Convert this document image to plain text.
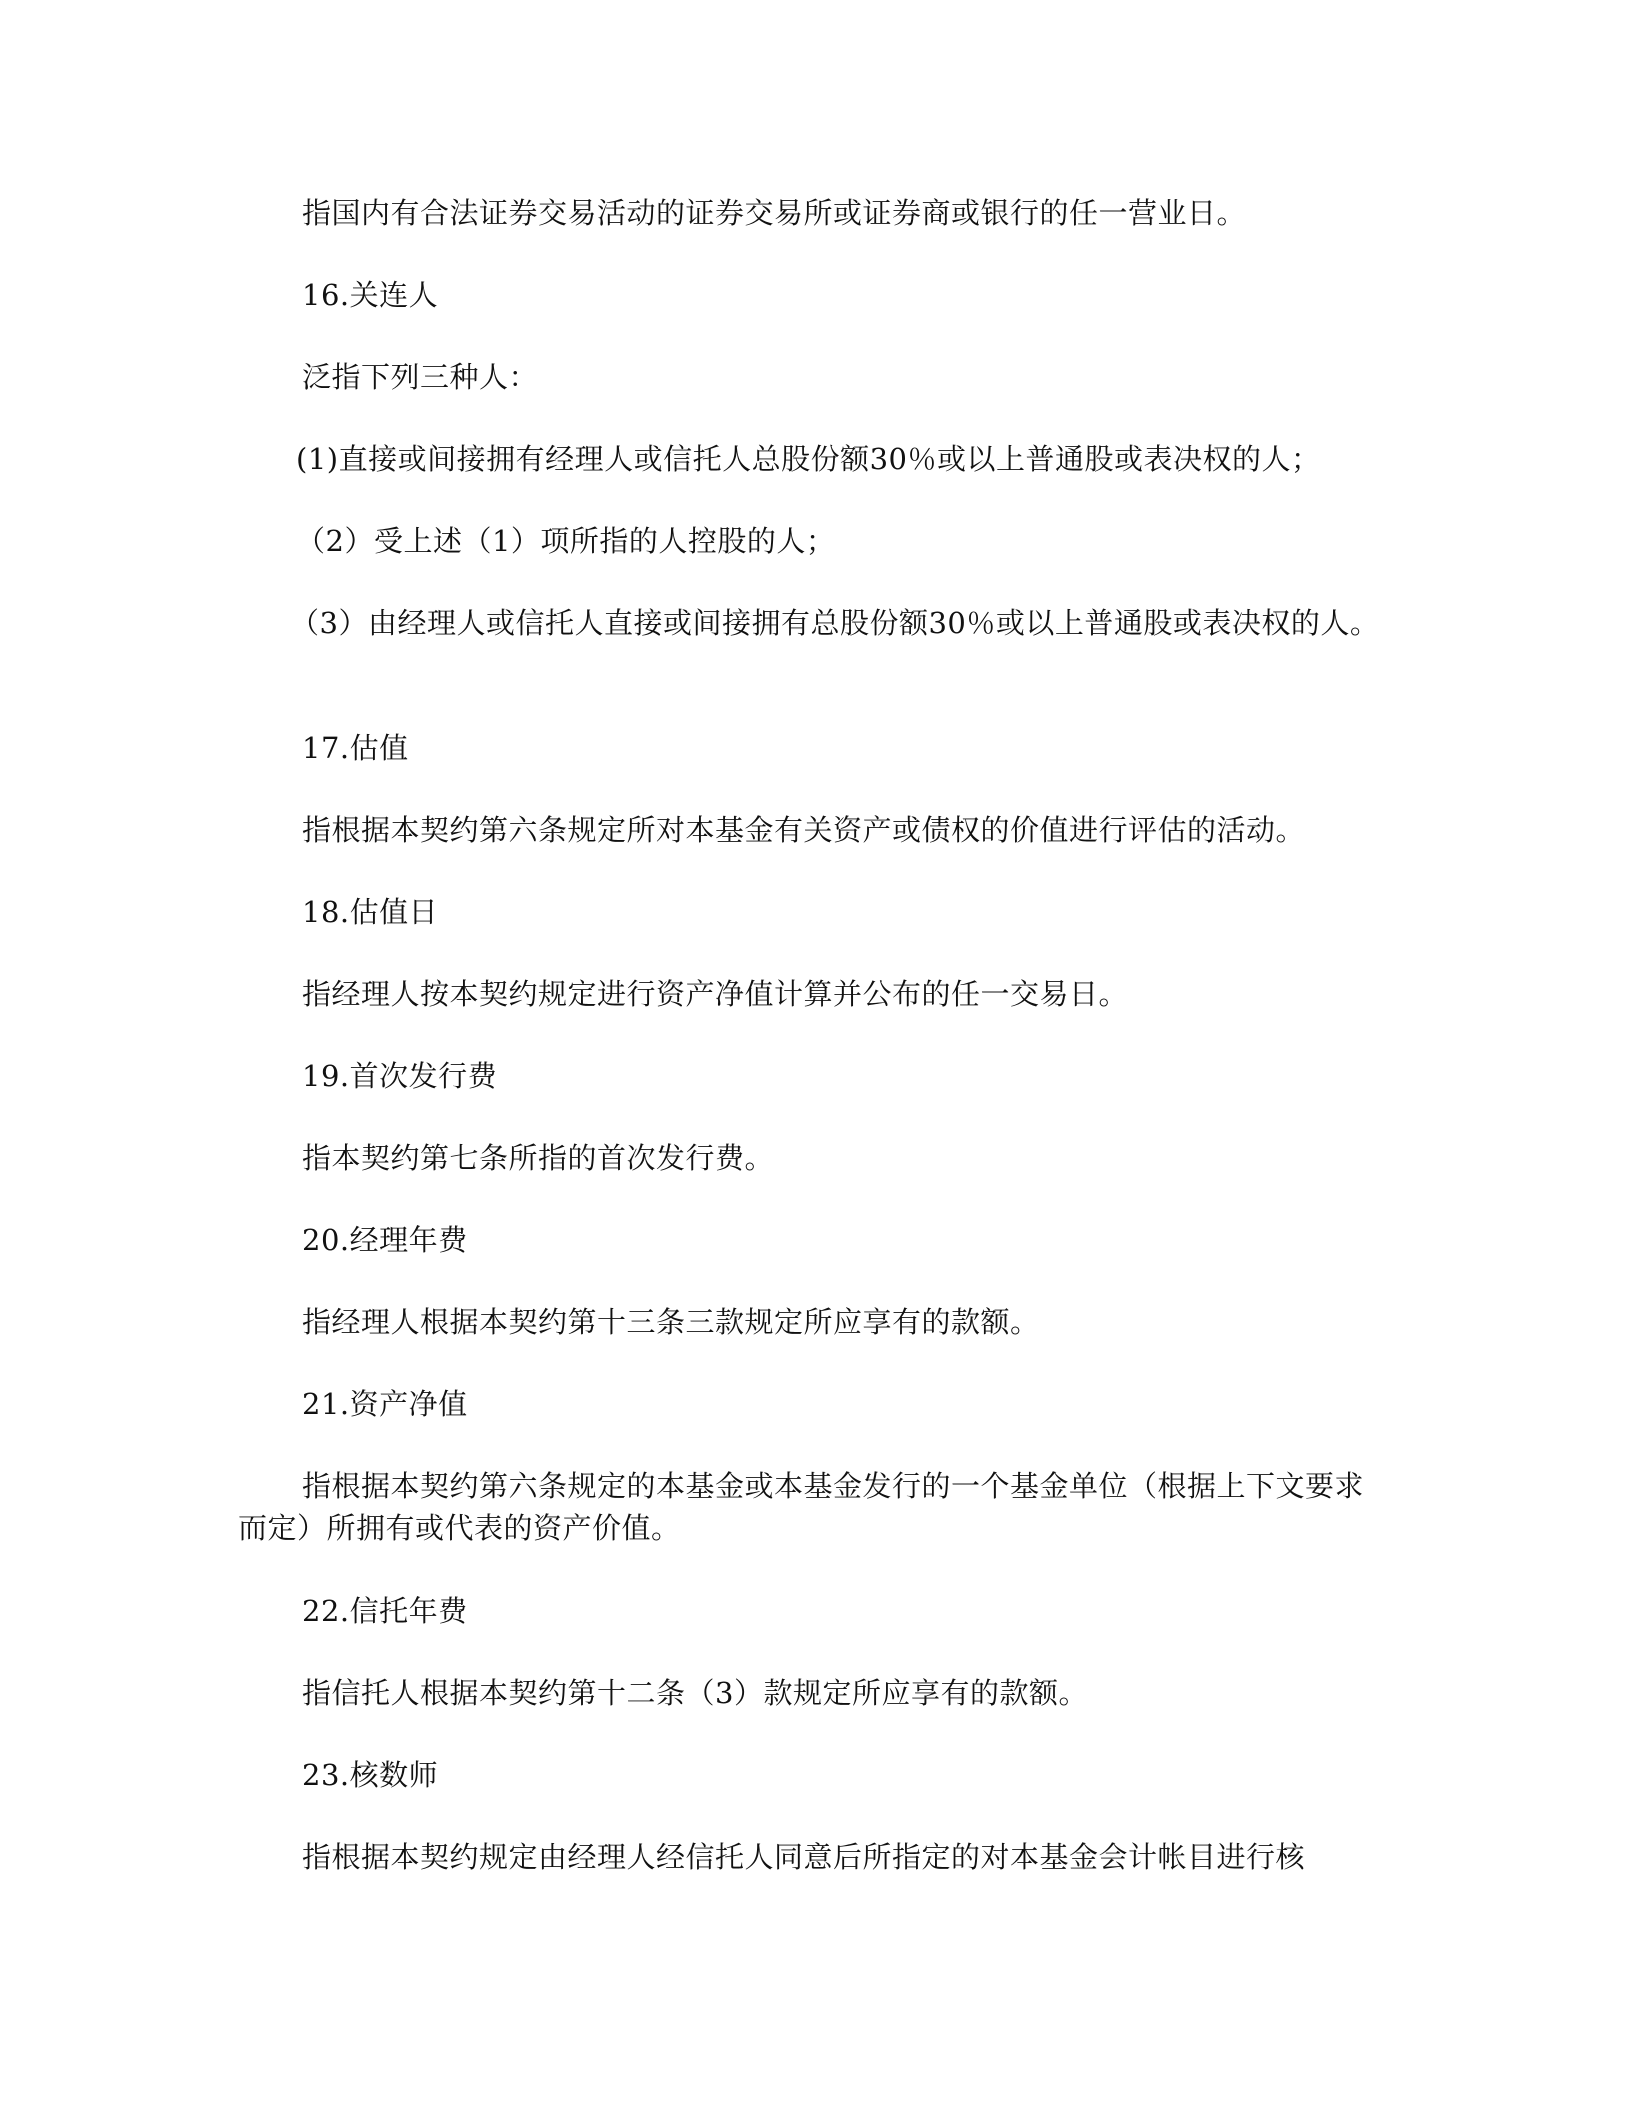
指国内有合法证券交易活动的证券交易所或证券商或银行的任一营业日。

16.关连人

泛指下列三种人：

(1)直接或间接拥有经理人或信托人总股份额30％或以上普通股或表决权的人；

（2）受上述（1）项所指的人控股的人；

（3）由经理人或信托人直接或间接拥有总股份额30％或以上普通股或表决权的人。

17.估值

指根据本契约第六条规定所对本基金有关资产或债权的价值进行评估的活动。

18.估值日

指经理人按本契约规定进行资产净值计算并公布的任一交易日。

19.首次发行费

指本契约第七条所指的首次发行费。

20.经理年费

指经理人根据本契约第十三条三款规定所应享有的款额。

21.资产净值

指根据本契约第六条规定的本基金或本基金发行的一个基金单位（根据上下文要求而定）所拥有或代表的资产价值。

22.信托年费

指信托人根据本契约第十二条（3）款规定所应享有的款额。

23.核数师

指根据本契约规定由经理人经信托人同意后所指定的对本基金会计帐目进行核
